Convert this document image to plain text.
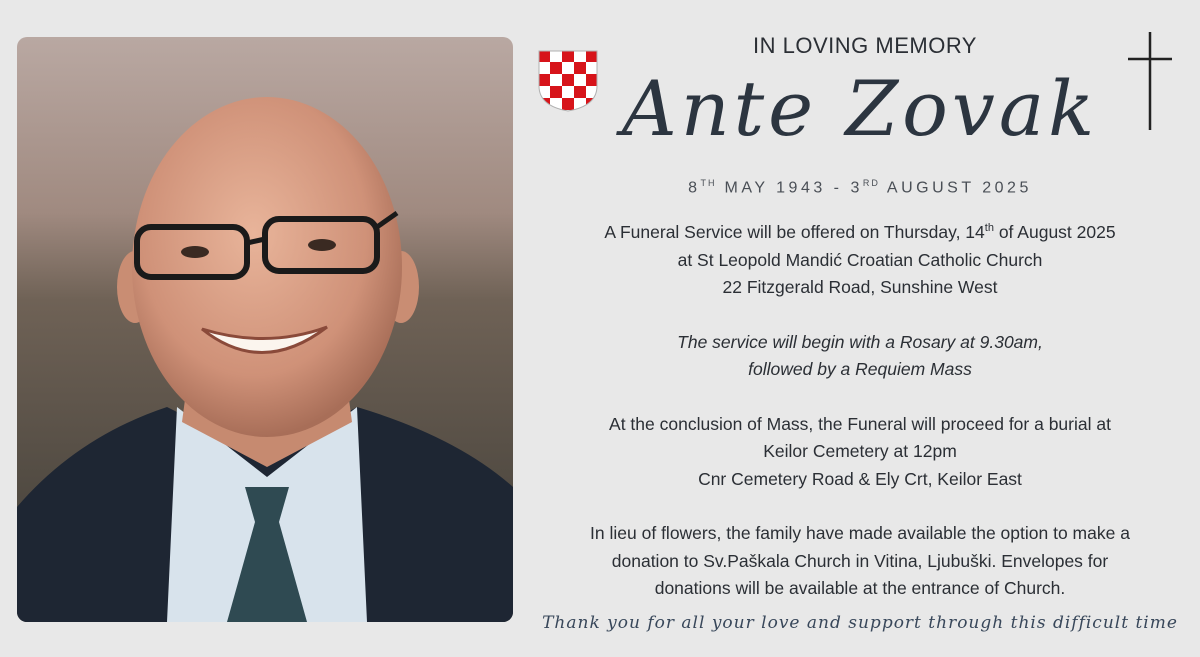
IN LOVING MEMORY
Ante Zovak
8TH MAY 1943 - 3RD AUGUST 2025

A Funeral Service will be offered on Thursday, 14th of August 2025
at St Leopold Mandić Croatian Catholic Church
22 Fitzgerald Road, Sunshine West

The service will begin with a Rosary at 9.30am,
followed by a Requiem Mass

At the conclusion of Mass, the Funeral will proceed for a burial at
Keilor Cemetery at 12pm
Cnr Cemetery Road & Ely Crt, Keilor East

In lieu of flowers, the family have made available the option to make a
donation to Sv.Paškala Church in Vitina, Ljubuški. Envelopes for
donations will be available at the entrance of Church.

Thank you for all your love and support through this difficult time
